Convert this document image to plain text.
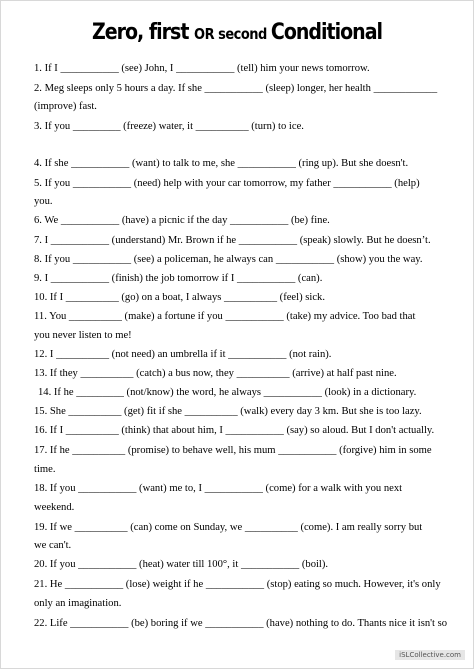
Zero, first OR second Conditional
1. If I ___________ (see) John, I ___________ (tell) him your news tomorrow.
2. Meg sleeps only 5 hours a day. If she ___________ (sleep) longer, her health ____________
(improve) fast.
3. If you _________ (freeze) water, it __________ (turn) to ice.
4. If she ___________ (want) to talk to me, she ___________ (ring up). But she doesn't.
5. If you ___________ (need) help with your car tomorrow, my father ___________ (help)
you.
6. We ___________ (have) a picnic if the day ___________ (be) fine.
7. I ___________ (understand) Mr. Brown if he ___________ (speak) slowly. But he doesn’t.
8. If you ___________ (see) a policeman, he always can ___________ (show) you the way.
9. I ___________ (finish) the job tomorrow if I ___________ (can).
10. If I __________ (go) on a boat, I always __________ (feel) sick.
11. You __________ (make) a fortune if you ___________ (take) my advice. Too bad that
you never listen to me!
12. I __________ (not need) an umbrella if it ___________ (not rain).
13. If they __________ (catch) a bus now, they __________ (arrive) at half past nine.
14. If he _________ (not/know) the word, he always ___________ (look) in a dictionary.
15. She __________ (get) fit if she __________ (walk) every day 3 km. But she is too lazy.
16. If I __________ (think) that about him, I ___________ (say) so aloud. But I don't actually.
17. If he __________ (promise) to behave well, his mum ___________ (forgive) him in some
time.
18. If you ___________ (want) me to, I ___________ (come) for a walk with you next
weekend.
19. If we __________ (can) come on Sunday, we __________ (come). I am really sorry but
we can't.
20. If you ___________ (heat) water till 100°, it ___________ (boil).
21. He ___________ (lose) weight if he ___________ (stop) eating so much. However, it's only
only an imagination.
22. Life ___________ (be) boring if we ___________ (have) nothing to do. Thants nice it isn't so
iSLCollective.com
